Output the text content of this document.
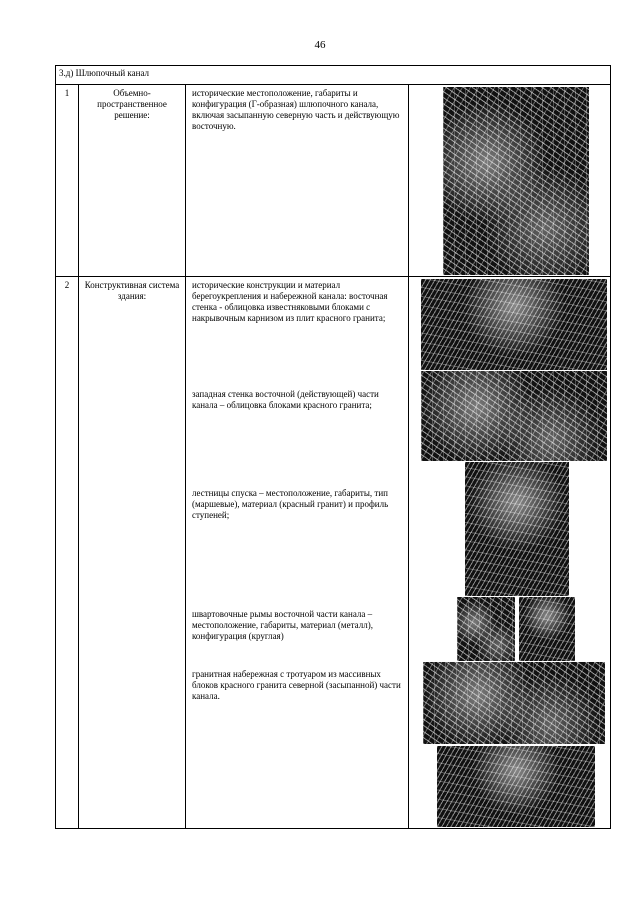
46
3.д) Шлюпочный канал			
1	Объемно-пространственное решение:	исторические местоположение, габариты и конфигурация (Г-образная) шлюпочного канала, включая засыпанную северную часть и действующую восточную.	

2	Конструктивная система здания:	исторические конструкции и материал берегоукрепления и набережной канала: восточная стенка - облицовка известняковыми блоками с накрывочным карнизом из плит красного гранита;
западная стенка восточной (действующей) части канала – облицовка блоками красного гранита;
лестницы спуска – местоположение, габариты, тип (маршевые), материал (красный гранит) и профиль ступеней;
швартовочные рымы восточной части канала – местоположение, габариты, материал (металл), конфигурация (круглая)
гранитная набережная с тротуаром из массивных блоков красного гранита северной (засыпанной) части канала.	
